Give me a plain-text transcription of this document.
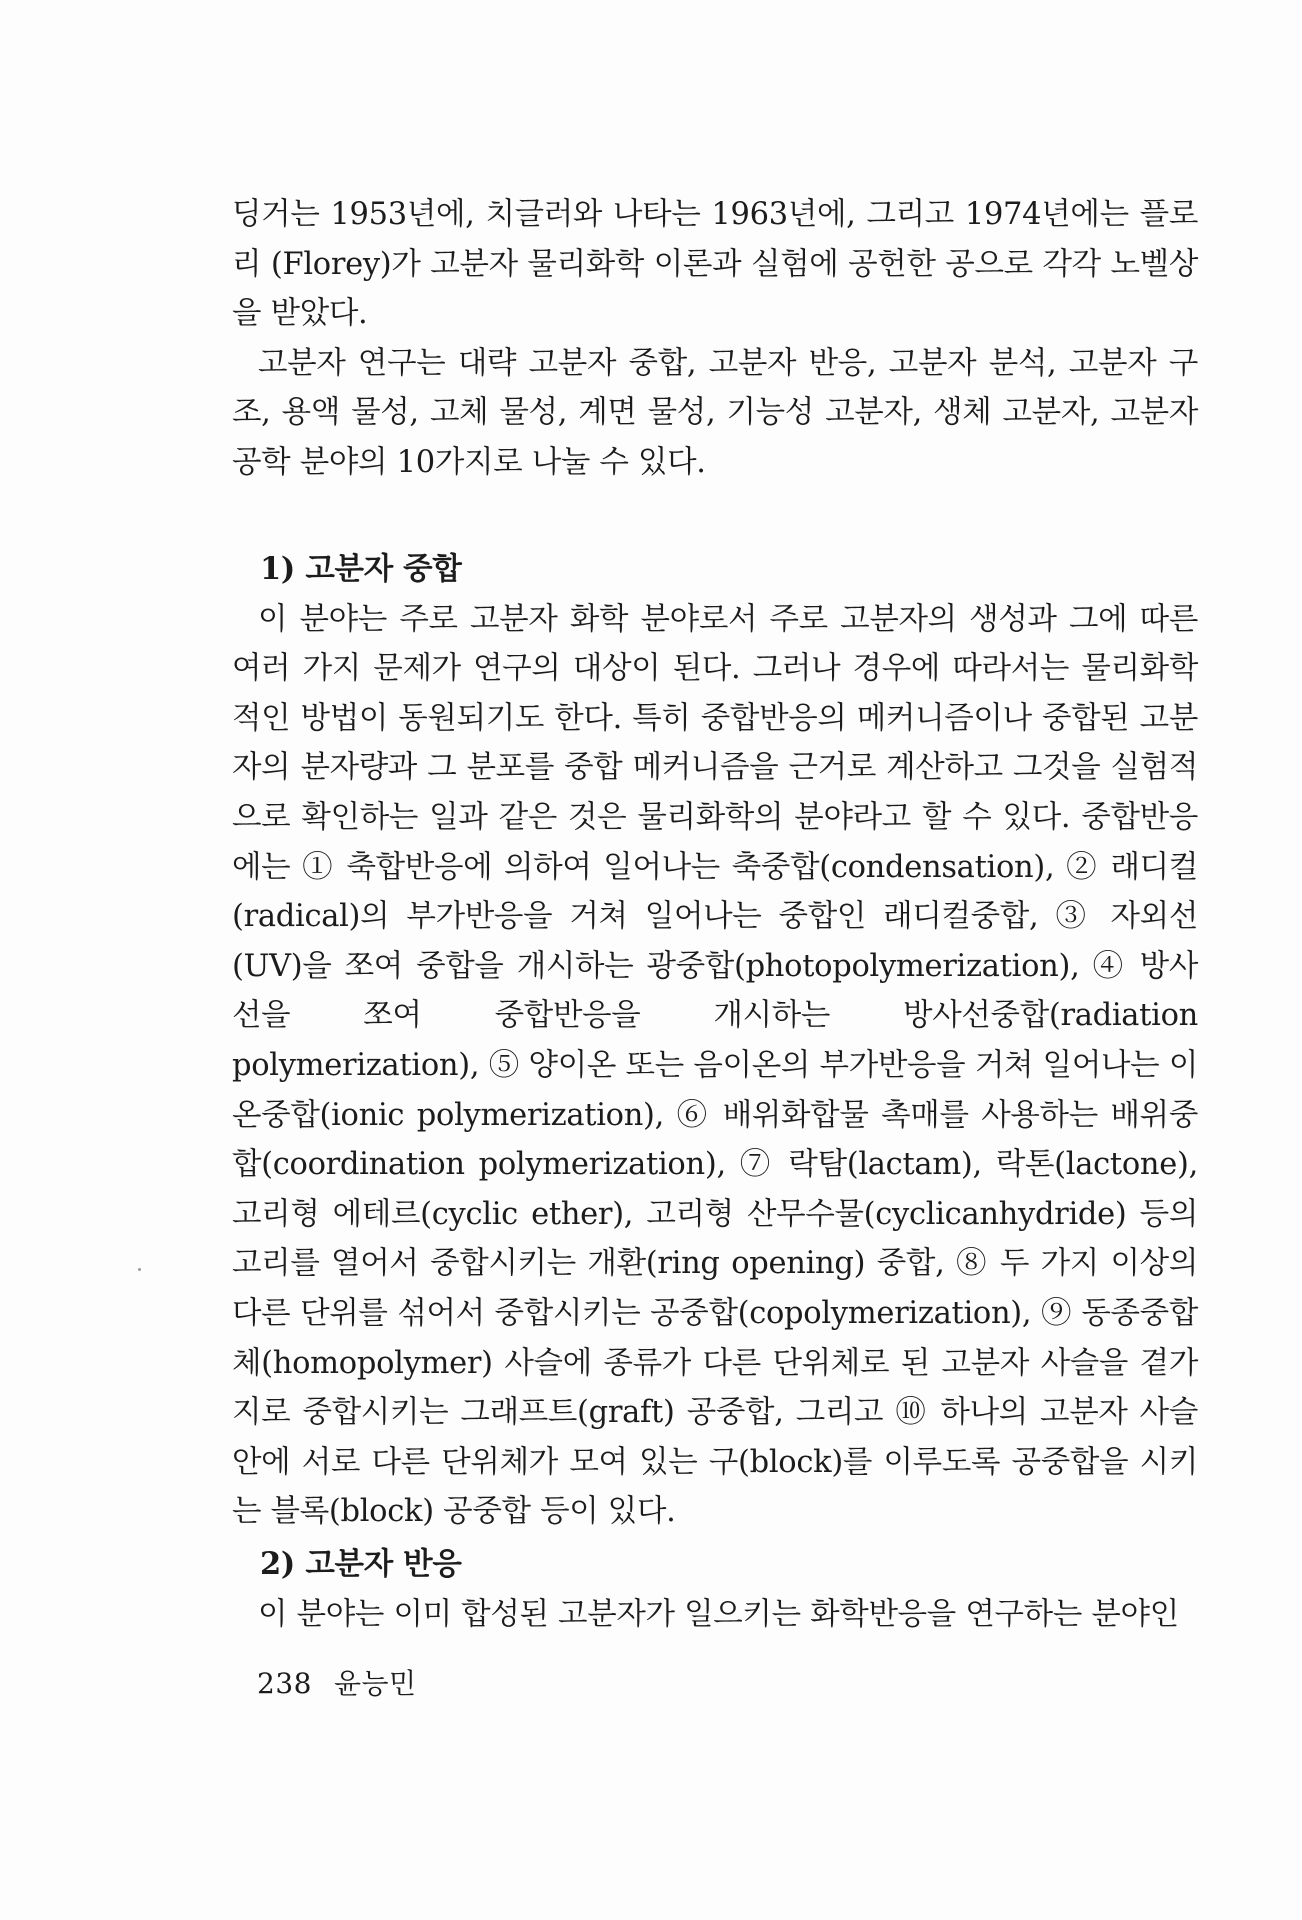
딩거는 1953년에, 치글러와 나타는 1963년에, 그리고 1974년에는 플로리 (Florey)가 고분자 물리화학 이론과 실험에 공헌한 공으로 각각 노벨상을 받았다.

고분자 연구는 대략 고분자 중합, 고분자 반응, 고분자 분석, 고분자 구조, 용액 물성, 고체 물성, 계면 물성, 기능성 고분자, 생체 고분자, 고분자 공학 분야의 10가지로 나눌 수 있다.

1) 고분자 중합

이 분야는 주로 고분자 화학 분야로서 주로 고분자의 생성과 그에 따른 여러 가지 문제가 연구의 대상이 된다. 그러나 경우에 따라서는 물리화학적인 방법이 동원되기도 한다. 특히 중합반응의 메커니즘이나 중합된 고분자의 분자량과 그 분포를 중합 메커니즘을 근거로 계산하고 그것을 실험적으로 확인하는 일과 같은 것은 물리화학의 분야라고 할 수 있다. 중합반응에는 ① 축합반응에 의하여 일어나는 축중합(condensation), ② 래디컬(radical)의 부가반응을 거쳐 일어나는 중합인 래디컬중합, ③ 자외선(UV)을 쪼여 중합을 개시하는 광중합(photopolymerization), ④ 방사선을 쪼여 중합반응을 개시하는 방사선중합(radiation polymerization), ⑤ 양이온 또는 음이온의 부가반응을 거쳐 일어나는 이온중합(ionic polymerization), ⑥ 배위화합물 촉매를 사용하는 배위중합(coordination polymerization), ⑦ 락탐(lactam), 락톤(lactone), 고리형 에테르(cyclic ether), 고리형 산무수물(cyclicanhydride) 등의 고리를 열어서 중합시키는 개환(ring opening) 중합, ⑧ 두 가지 이상의 다른 단위를 섞어서 중합시키는 공중합(copolymerization), ⑨ 동종중합체(homopolymer) 사슬에 종류가 다른 단위체로 된 고분자 사슬을 곁가지로 중합시키는 그래프트(graft) 공중합, 그리고 ⑩ 하나의 고분자 사슬 안에 서로 다른 단위체가 모여 있는 구(block)를 이루도록 공중합을 시키는 블록(block) 공중합 등이 있다.

2) 고분자 반응

이 분야는 이미 합성된 고분자가 일으키는 화학반응을 연구하는 분야인

238 윤능민
